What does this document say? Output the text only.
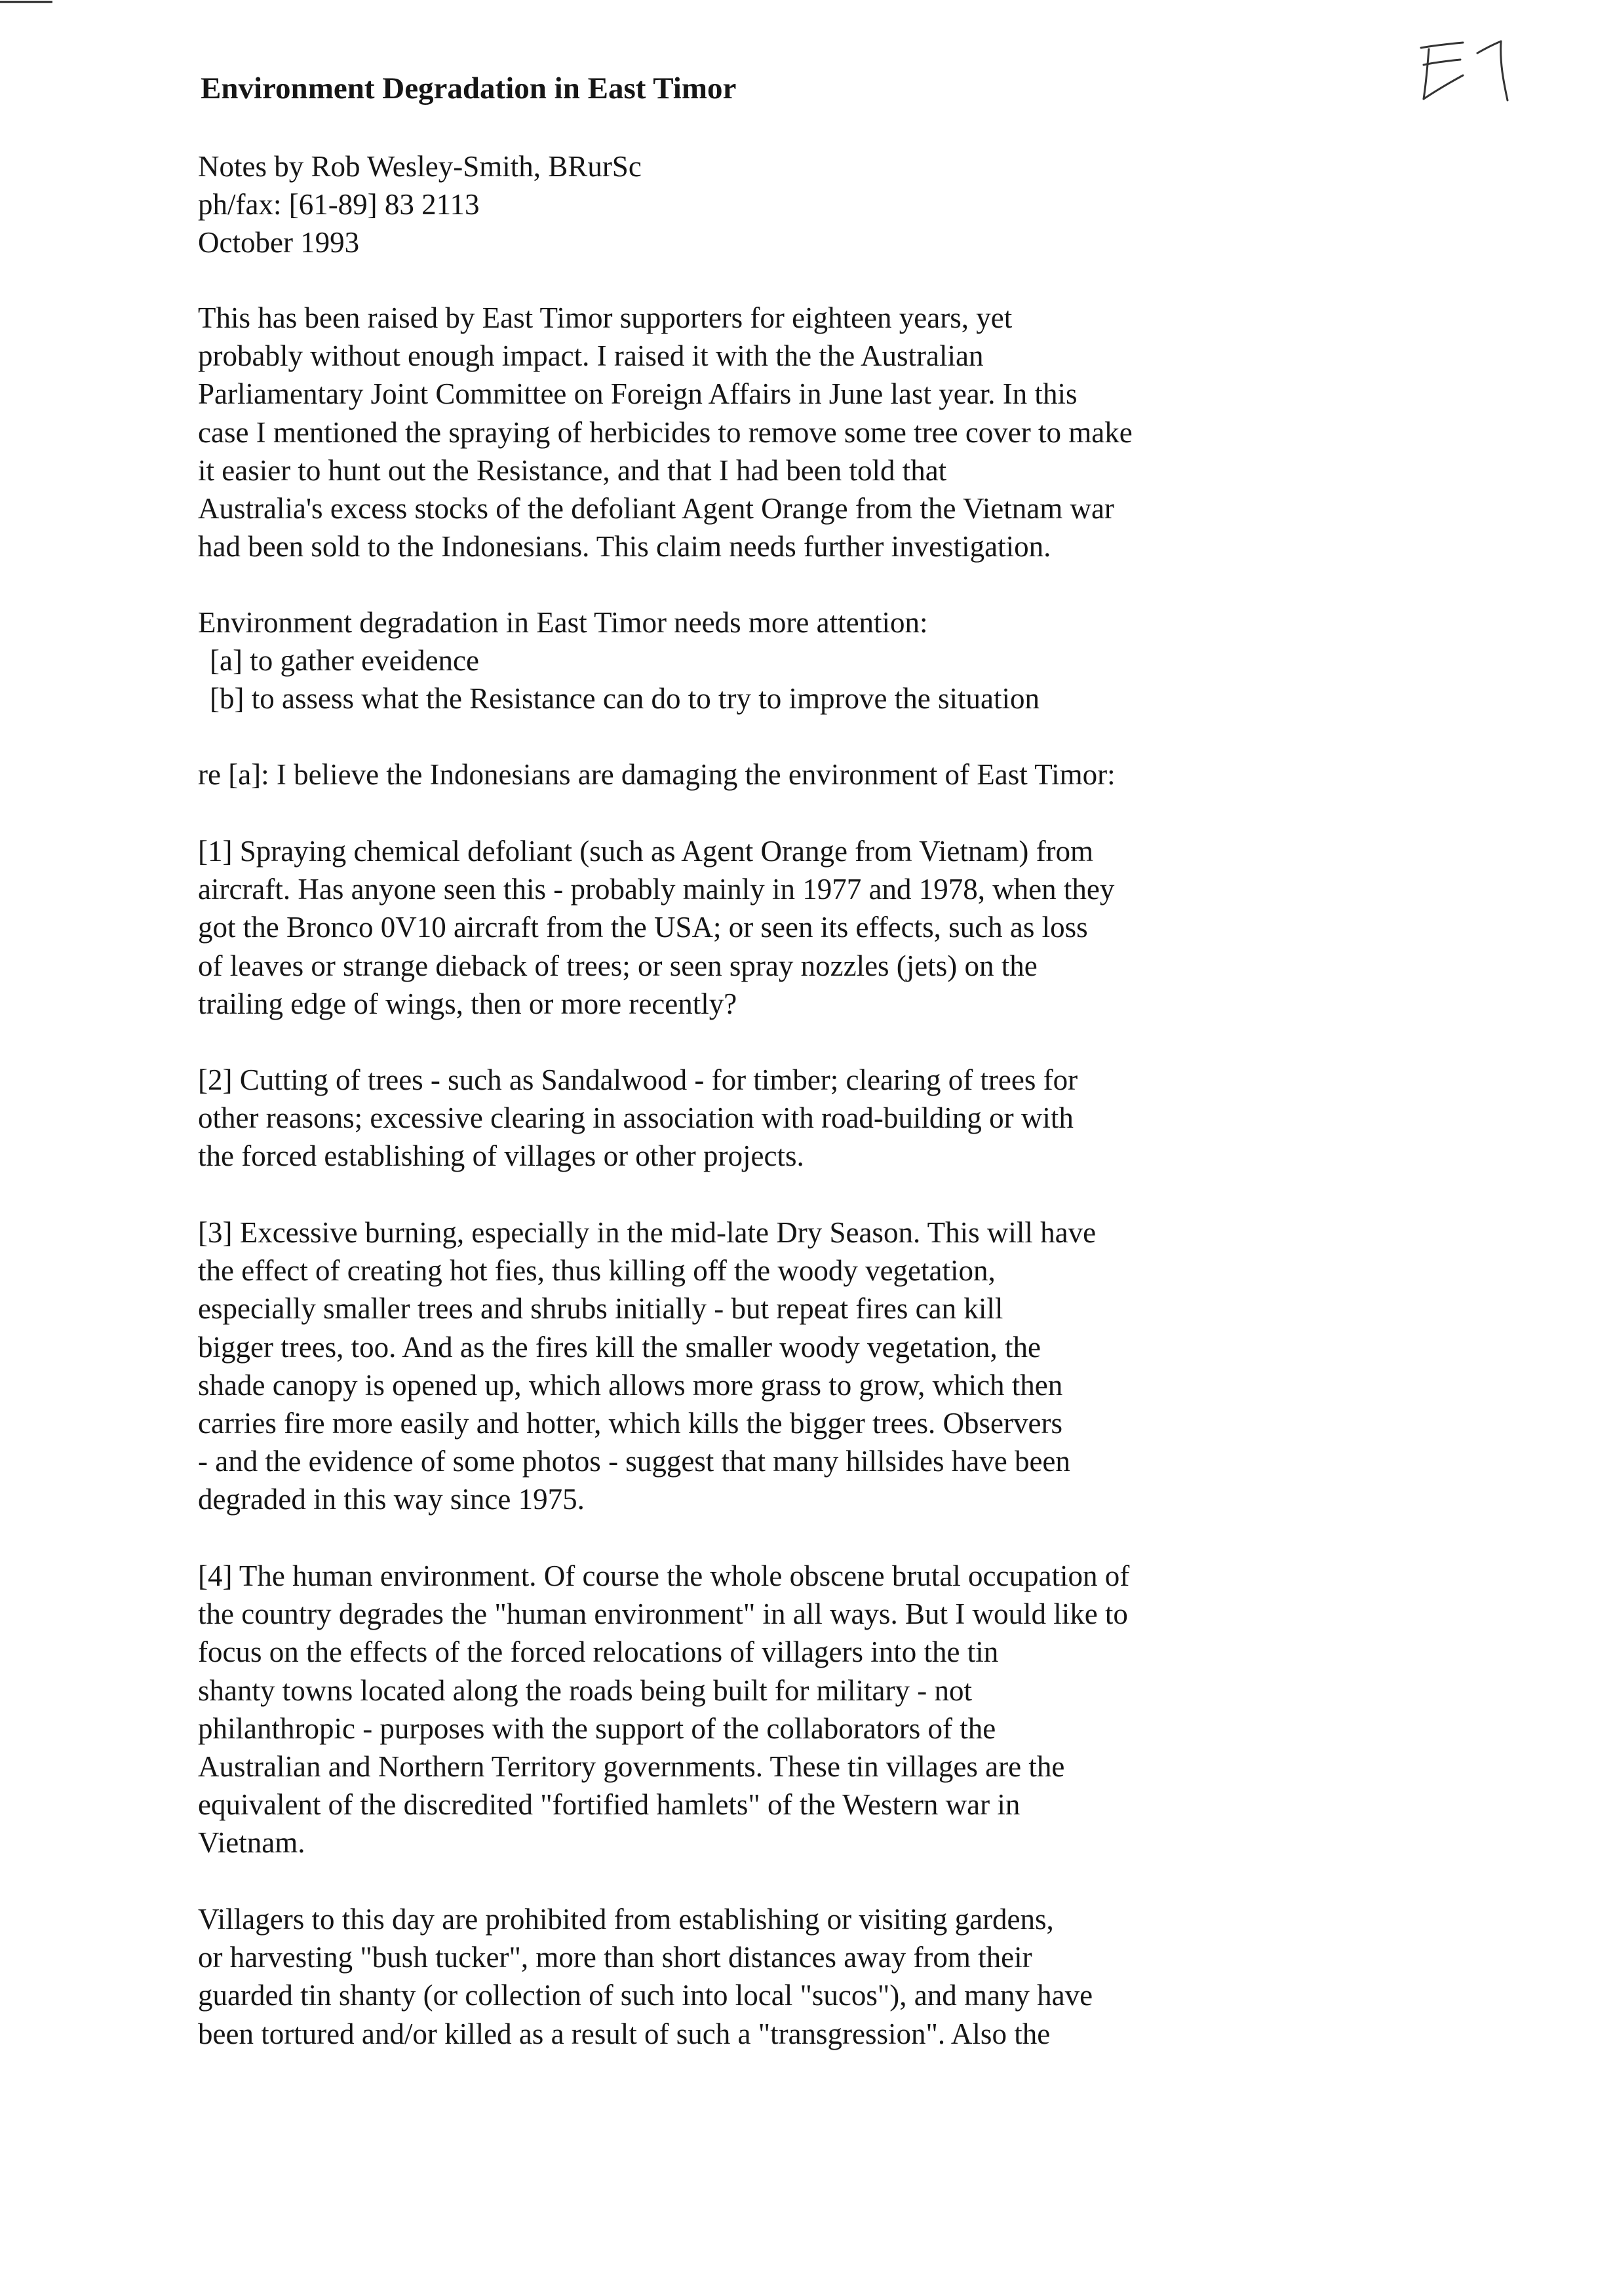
Environment Degradation in East Timor
Notes by Rob Wesley-Smith, BRurSc
ph/fax: [61-89] 83 2113
October 1993
This has been raised by East Timor supporters for eighteen years, yet
probably without enough impact. I raised it with the the Australian
Parliamentary Joint Committee on Foreign Affairs in June last year. In this
case I mentioned the spraying of herbicides to remove some tree cover to make
it easier to hunt out the Resistance, and that I had been told that
Australia's excess stocks of the defoliant Agent Orange from the Vietnam war
had been sold to the Indonesians. This claim needs further investigation.
Environment degradation in East Timor needs more attention:
[a] to gather eveidence
[b] to assess what the Resistance can do to try to improve the situation
re [a]: I believe the Indonesians are damaging the environment of East Timor:
[1] Spraying chemical defoliant (such as Agent Orange from Vietnam) from
aircraft. Has anyone seen this - probably mainly in 1977 and 1978, when they
got the Bronco 0V10 aircraft from the USA; or seen its effects, such as loss
of leaves or strange dieback of trees; or seen spray nozzles (jets) on the
trailing edge of wings, then or more recently?
[2] Cutting of trees - such as Sandalwood - for timber; clearing of trees for
other reasons; excessive clearing in association with road-building or with
the forced establishing of villages or other projects.
[3] Excessive burning, especially in the mid-late Dry Season. This will have
the effect of creating hot fies, thus killing off the woody vegetation,
especially smaller trees and shrubs initially - but repeat fires can kill
bigger trees, too. And as the fires kill the smaller woody vegetation, the
shade canopy is opened up, which allows more grass to grow, which then
carries fire more easily and hotter, which kills the bigger trees. Observers
- and the evidence of some photos - suggest that many hillsides have been
degraded in this way since 1975.
[4] The human environment. Of course the whole obscene brutal occupation of
the country degrades the "human environment" in all ways. But I would like to
focus on the effects of the forced relocations of villagers into the tin
shanty towns located along the roads being built for military - not
philanthropic - purposes with the support of the collaborators of the
Australian and Northern Territory governments. These tin villages are the
equivalent of the discredited "fortified hamlets" of the Western war in
Vietnam.
Villagers to this day are prohibited from establishing or visiting gardens,
or harvesting "bush tucker", more than short distances away from their
guarded tin shanty (or collection of such into local "sucos"), and many have
been tortured and/or killed as a result of such a "transgression". Also the
